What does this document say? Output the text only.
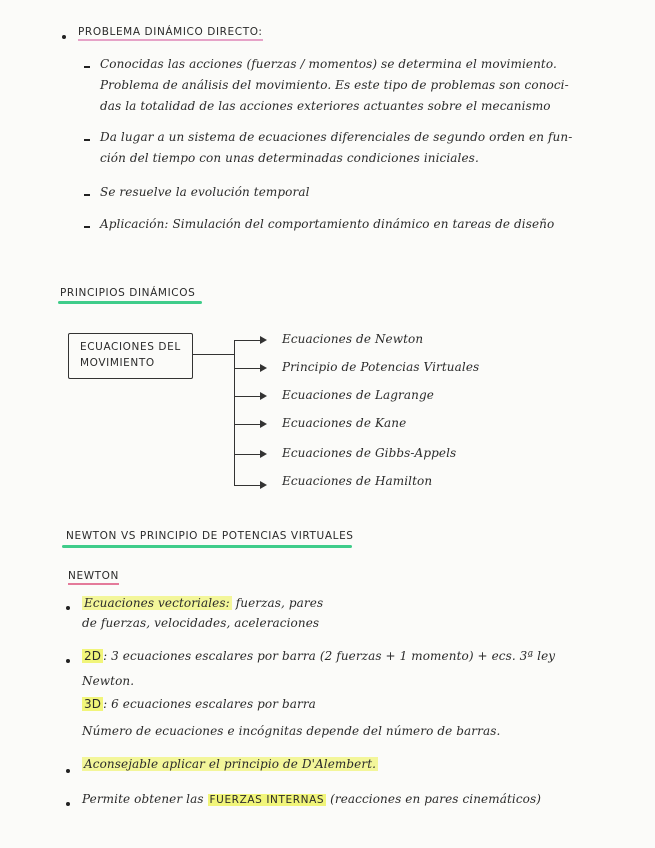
PROBLEMA DINÁMICO DIRECTO:
Conocidas las acciones (fuerzas / momentos) se determina el movimiento.
Problema de análisis del movimiento. Es este tipo de problemas son conoci-
das la totalidad de las acciones exteriores actuantes sobre el mecanismo
Da lugar a un sistema de ecuaciones diferenciales de segundo orden en fun-
ción del tiempo con unas determinadas condiciones iniciales.
Se resuelve la evolución temporal
Aplicación: Simulación del comportamiento dinámico en tareas de diseño
PRINCIPIOS DINÁMICOS
ECUACIONES DEL
MOVIMIENTO
Ecuaciones de Newton
Principio de Potencias Virtuales
Ecuaciones de Lagrange
Ecuaciones de Kane
Ecuaciones de Gibbs-Appels
Ecuaciones de Hamilton
NEWTON VS PRINCIPIO DE POTENCIAS VIRTUALES
NEWTON
Ecuaciones vectoriales: fuerzas, pares
de fuerzas, velocidades, aceleraciones
2D : 3 ecuaciones escalares por barra (2 fuerzas + 1 momento) + ecs. 3ª ley
Newton.
3D : 6 ecuaciones escalares por barra
Número de ecuaciones e incógnitas depende del número de barras.
Aconsejable aplicar el principio de D'Alembert.
Permite obtener las FUERZAS INTERNAS (reacciones en pares cinemáticos)
